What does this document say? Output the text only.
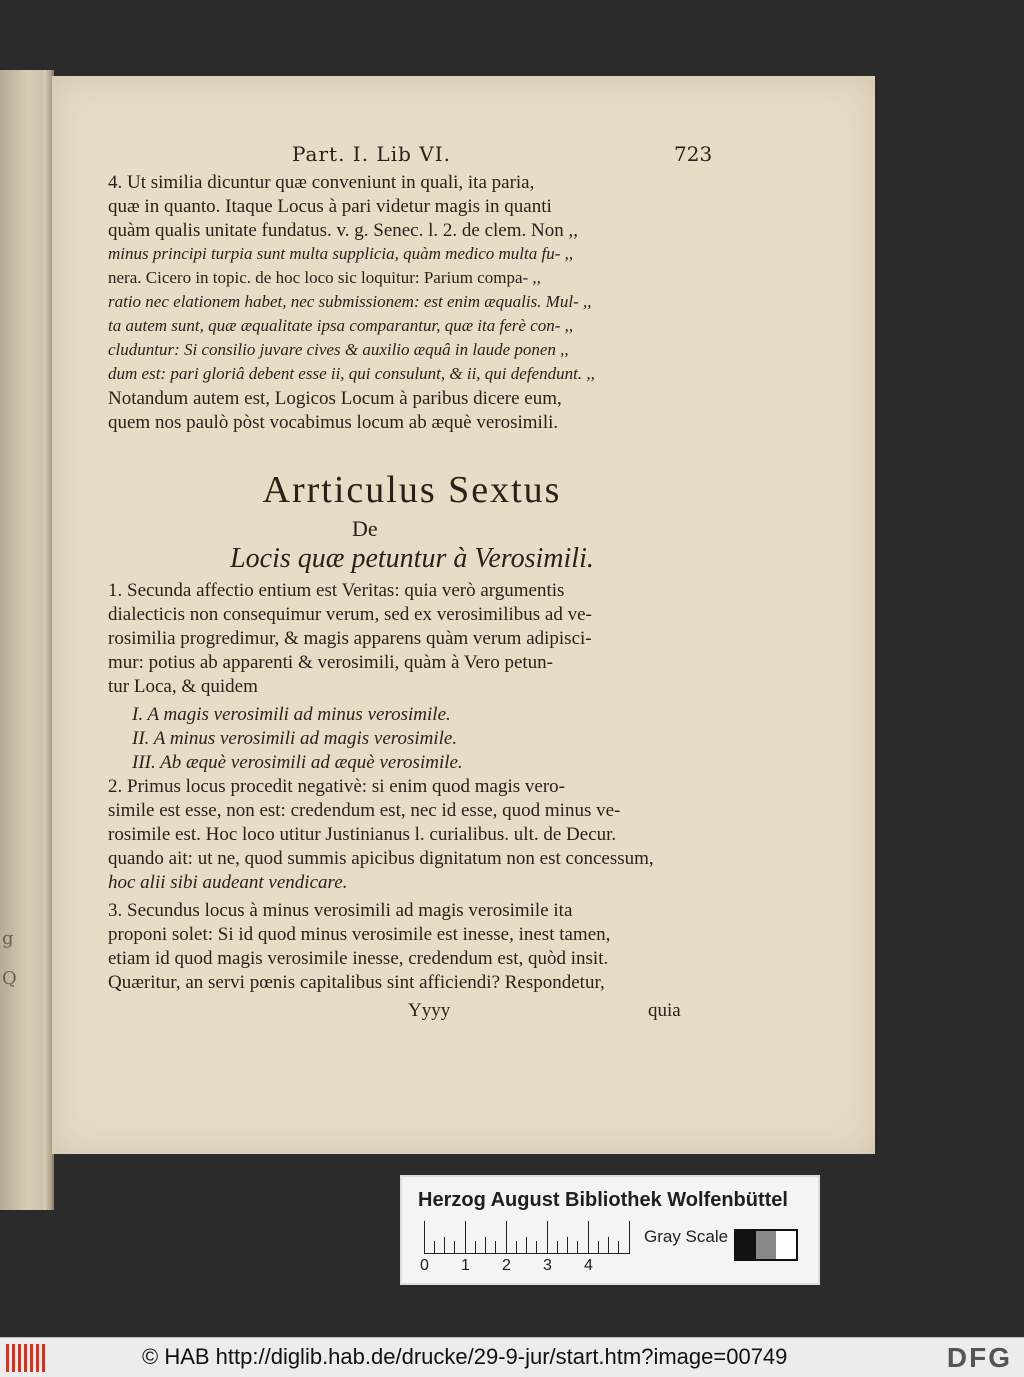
g
Q
Part. I. Lib VI.	723
4. Ut similia dicuntur quæ conveniunt in quali, ita paria,
quæ in quanto. Itaque Locus à pari videtur magis in quanti
quàm qualis unitate fundatus. v. g. Senec. l. 2. de clem. Non ,,
minus principi turpia sunt multa supplicia, quàm medico multa fu- ,,
nera. Cicero in topic. de hoc loco sic loquitur: Parium compa- ,,
ratio nec elationem habet, nec submissionem: est enim æqualis. Mul- ,,
ta autem sunt, quæ æqualitate ipsa comparantur, quæ ita ferè con- ,,
cluduntur: Si consilio juvare cives & auxilio æquâ in laude ponen ,,
dum est: pari gloriâ debent esse ii, qui consulunt, & ii, qui defendunt. ,,
Notandum autem est, Logicos Locum à paribus dicere eum,
quem nos paulò pòst vocabimus locum ab æquè verosimili.
Arrticulus Sextus
De
Locis quæ petuntur à Verosimili.
1. Secunda affectio entium est Veritas: quia verò argumentis
dialecticis non consequimur verum, sed ex verosimilibus ad ve-
rosimilia progredimur, & magis apparens quàm verum adipisci-
mur: potius ab apparenti & verosimili, quàm à Vero petun-
tur Loca, & quidem
I. A magis verosimili ad minus verosimile.
II. A minus verosimili ad magis verosimile.
III. Ab æquè verosimili ad æquè verosimile.
2. Primus locus procedit negativè: si enim quod magis vero-
simile est esse, non est: credendum est, nec id esse, quod minus ve-
rosimile est. Hoc loco utitur Justinianus l. curialibus. ult. de Decur.
quando ait: ut ne, quod summis apicibus dignitatum non est concessum,
hoc alii sibi audeant vendicare.
3. Secundus locus à minus verosimili ad magis verosimile ita
proponi solet: Si id quod minus verosimile est inesse, inest tamen,
etiam id quod magis verosimile inesse, credendum est, quòd insit.
Quæritur, an servi pœnis capitalibus sint afficiendi? Respondetur,
Yyyy	quia
Herzog August Bibliothek Wolfenbüttel
0 1 2 3 4
Gray Scale
© HAB http://diglib.hab.de/drucke/29-9-jur/start.htm?image=00749	DFG
